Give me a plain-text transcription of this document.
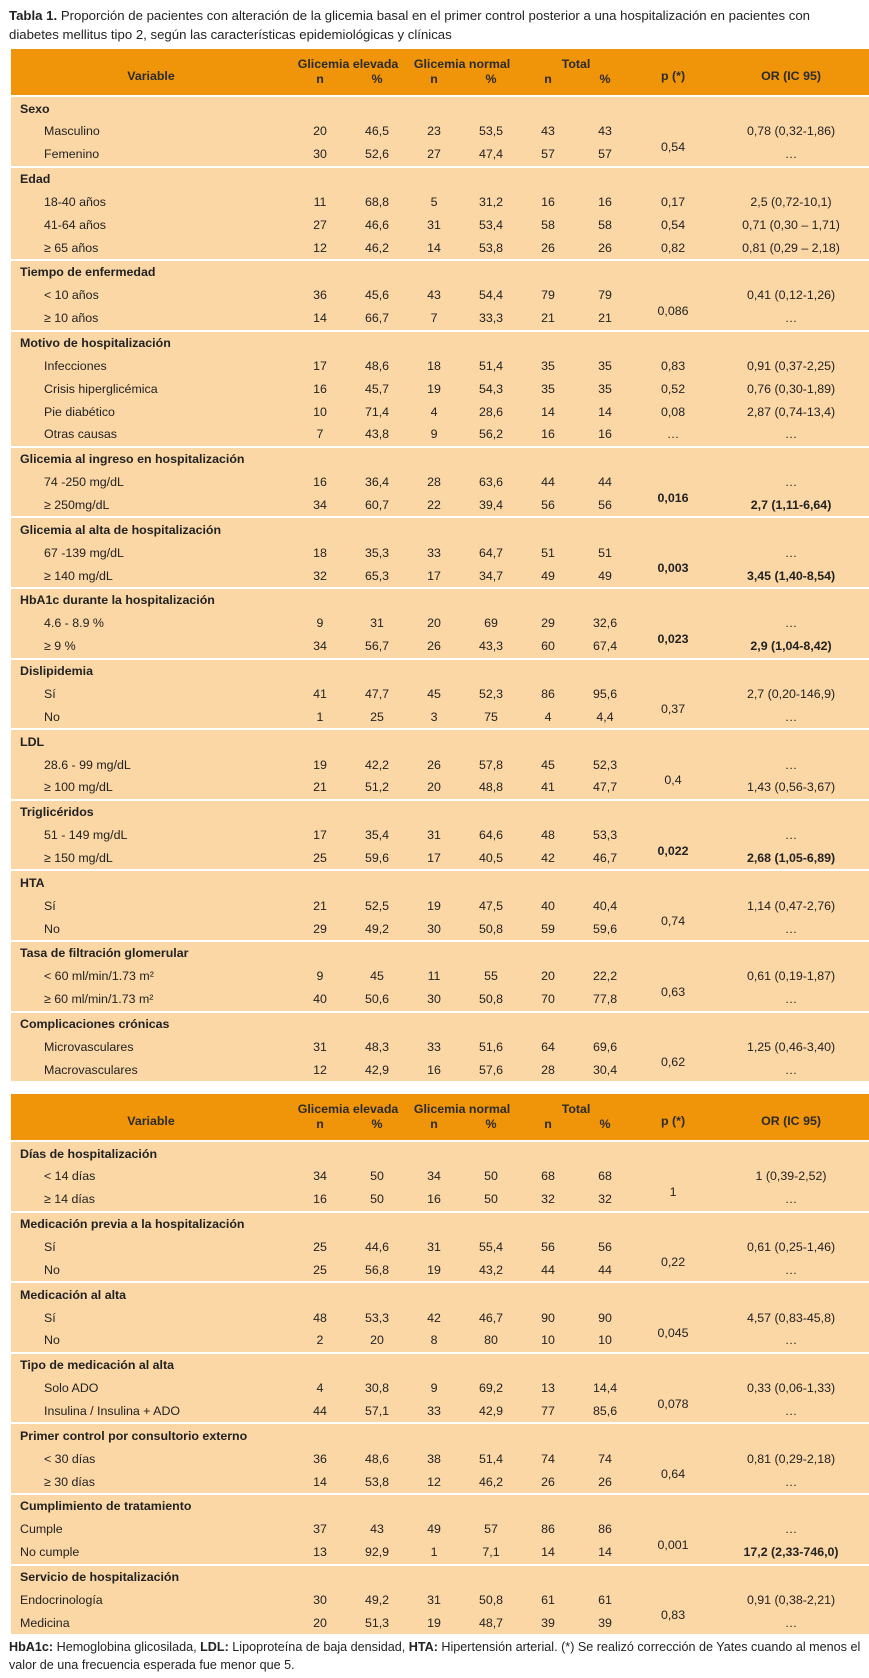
Tabla 1. Proporción de pacientes con alteración de la glicemia basal en el primer control posterior a una hospitalización en pacientes con diabetes mellitus tipo 2, según las características epidemiológicas y clínicas
Variable	Glicemia elevada		Glicemia normal		Total		p (*)	OR (IC 95)
	n	%	n	%	n	%		
Sexo								
Masculino	20	46,5	23	53,5	43	43	0,54	0,78 (0,32-1,86)
Femenino	30	52,6	27	47,4	57	57		…
Edad								
18-40 años	11	68,8	5	31,2	16	16	0,17	2,5 (0,72-10,1)
41-64 años	27	46,6	31	53,4	58	58	0,54	0,71 (0,30 – 1,71)
≥ 65 años	12	46,2	14	53,8	26	26	0,82	0,81 (0,29 – 2,18)
Tiempo de enfermedad								
< 10 años	36	45,6	43	54,4	79	79	0,086	0,41 (0,12-1,26)
≥ 10 años	14	66,7	7	33,3	21	21		…
Motivo de hospitalización								
Infecciones	17	48,6	18	51,4	35	35	0,83	0,91 (0,37-2,25)
Crisis hiperglicémica	16	45,7	19	54,3	35	35	0,52	0,76 (0,30-1,89)
Pie diabético	10	71,4	4	28,6	14	14	0,08	2,87 (0,74-13,4)
Otras causas	7	43,8	9	56,2	16	16	…	…
Glicemia al ingreso en hospitalización								
74 -250 mg/dL	16	36,4	28	63,6	44	44	0,016	…
≥ 250mg/dL	34	60,7	22	39,4	56	56		2,7 (1,11-6,64)
Glicemia al alta de hospitalización								
67 -139 mg/dL	18	35,3	33	64,7	51	51	0,003	…
≥ 140 mg/dL	32	65,3	17	34,7	49	49		3,45 (1,40-8,54)
HbA1c durante la hospitalización								
4.6 - 8.9 %	9	31	20	69	29	32,6	0,023	…
≥ 9 %	34	56,7	26	43,3	60	67,4		2,9 (1,04-8,42)
Dislipidemia								
Sí	41	47,7	45	52,3	86	95,6	0,37	2,7 (0,20-146,9)
No	1	25	3	75	4	4,4		…
LDL								
28.6 - 99 mg/dL	19	42,2	26	57,8	45	52,3	0,4	…
≥ 100 mg/dL	21	51,2	20	48,8	41	47,7		1,43 (0,56-3,67)
Triglicéridos								
51 - 149 mg/dL	17	35,4	31	64,6	48	53,3	0,022	…
≥ 150 mg/dL	25	59,6	17	40,5	42	46,7		2,68 (1,05-6,89)
HTA								
Sí	21	52,5	19	47,5	40	40,4	0,74	1,14 (0,47-2,76)
No	29	49,2	30	50,8	59	59,6		…
Tasa de filtración glomerular								
< 60 ml/min/1.73 m²	9	45	11	55	20	22,2	0,63	0,61 (0,19-1,87)
≥ 60 ml/min/1.73 m²	40	50,6	30	50,8	70	77,8		…
Complicaciones crónicas								
Microvasculares	31	48,3	33	51,6	64	69,6	0,62	1,25 (0,46-3,40)
Macrovasculares	12	42,9	16	57,6	28	30,4		…
Variable	Glicemia elevada		Glicemia normal		Total		p (*)	OR (IC 95)
	n	%	n	%	n	%		
Días de hospitalización								
< 14 días	34	50	34	50	68	68	1	1 (0,39-2,52)
≥ 14 días	16	50	16	50	32	32		…
Medicación previa a la hospitalización								
Sí	25	44,6	31	55,4	56	56	0,22	0,61 (0,25-1,46)
No	25	56,8	19	43,2	44	44		…
Medicación al alta								
Sí	48	53,3	42	46,7	90	90	0,045	4,57 (0,83-45,8)
No	2	20	8	80	10	10		…
Tipo de medicación al alta								
Solo ADO	4	30,8	9	69,2	13	14,4	0,078	0,33 (0,06-1,33)
Insulina / Insulina + ADO	44	57,1	33	42,9	77	85,6		…
Primer control por consultorio externo								
< 30 días	36	48,6	38	51,4	74	74	0,64	0,81 (0,29-2,18)
≥ 30 días	14	53,8	12	46,2	26	26		…
Cumplimiento de tratamiento								
Cumple	37	43	49	57	86	86	0,001	…
No cumple	13	92,9	1	7,1	14	14		17,2 (2,33-746,0)
Servicio de hospitalización								
Endocrinología	30	49,2	31	50,8	61	61	0,83	0,91 (0,38-2,21)
Medicina	20	51,3	19	48,7	39	39		…
HbA1c: Hemoglobina glicosilada, LDL: Lipoproteína de baja densidad, HTA: Hipertensión arterial. (*) Se realizó corrección de Yates cuando al menos el valor de una frecuencia esperada fue menor que 5.
